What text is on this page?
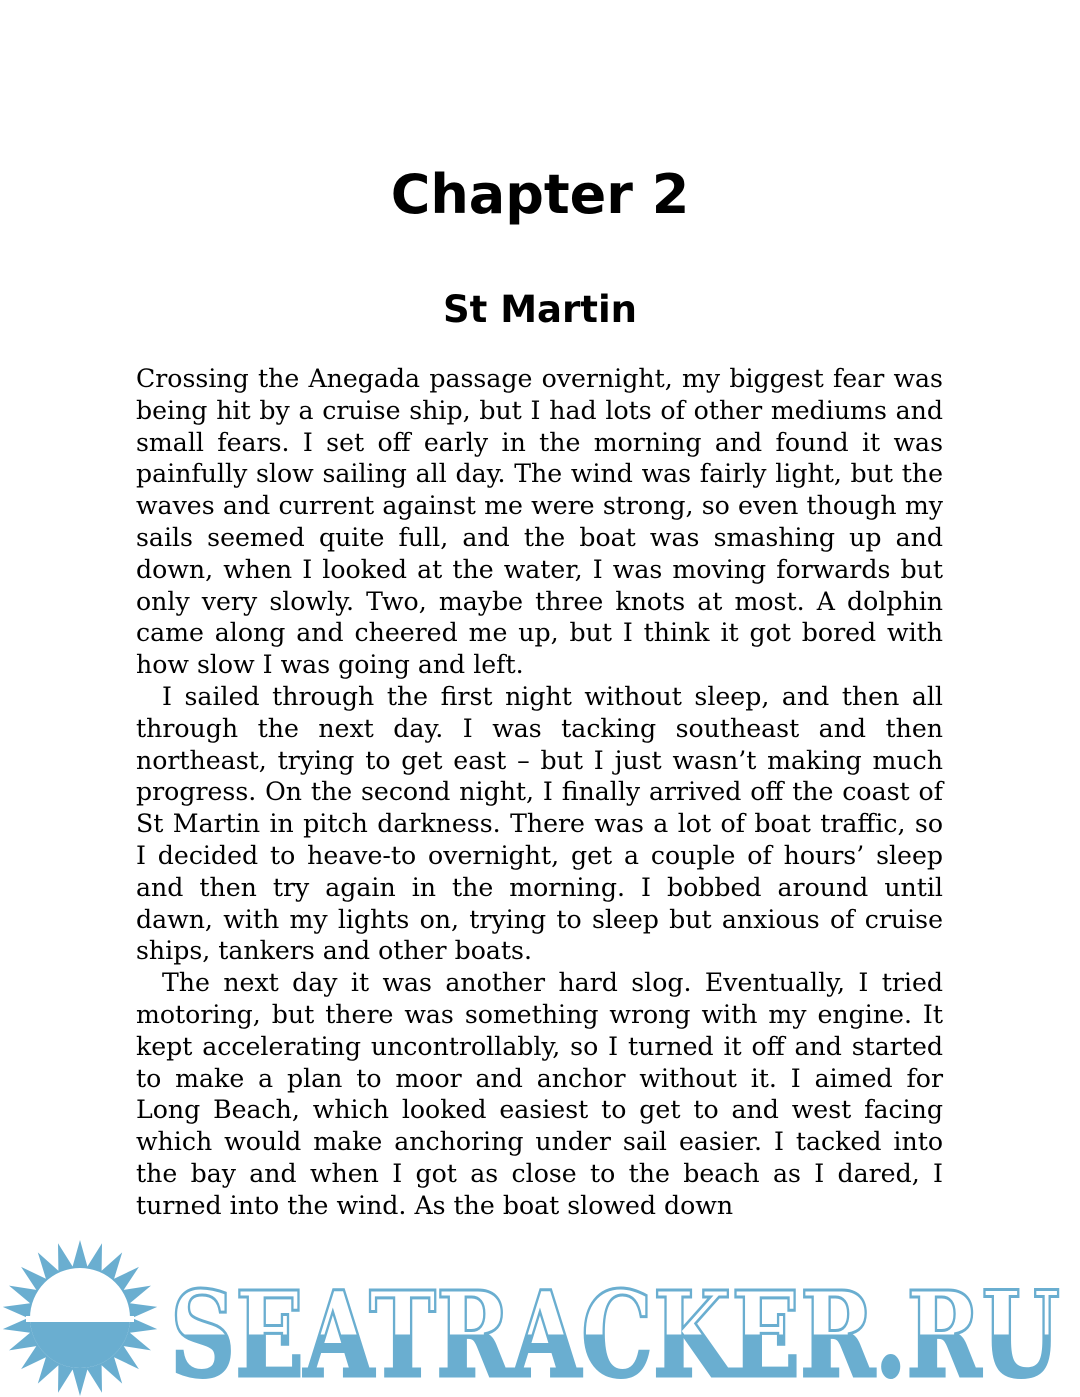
Chapter 2
St Martin

Crossing the Anegada passage overnight, my biggest fear was being hit by a cruise ship, but I had lots of other mediums and small fears. I set off early in the morning and found it was painfully slow sailing all day. The wind was fairly light, but the waves and current against me were strong, so even though my sails seemed quite full, and the boat was smashing up and down, when I looked at the water, I was moving forwards but only very slowly. Two, maybe three knots at most. A dolphin came along and cheered me up, but I think it got bored with how slow I was going and left.

I sailed through the first night without sleep, and then all through the next day. I was tacking southeast and then northeast, trying to get east – but I just wasn’t making much progress. On the second night, I finally arrived off the coast of St Martin in pitch darkness. There was a lot of boat traffic, so I decided to heave-to overnight, get a couple of hours’ sleep and then try again in the morning. I bobbed around until dawn, with my lights on, trying to sleep but anxious of cruise ships, tankers and other boats.

The next day it was another hard slog. Eventually, I tried motoring, but there was something wrong with my engine. It kept accelerating uncontrollably, so I turned it off and started to make a plan to moor and anchor without it. I aimed for Long Beach, which looked easiest to get to and west facing which would make anchoring under sail easier. I tacked into the bay and when I got as close to the beach as I dared, I turned into the wind. As the boat slowed down

SEATRACKER.RU
